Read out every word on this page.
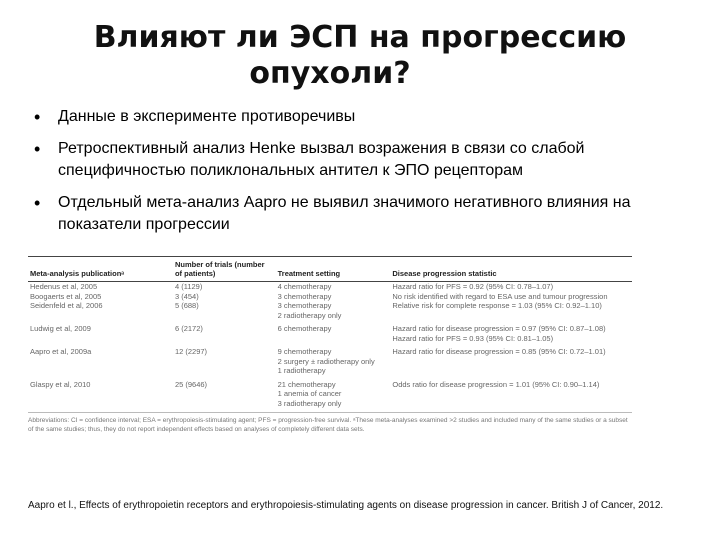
Влияют ли ЭСП на прогрессию
опухоли?
• Данные в эксперименте противоречивы
• Ретроспективный анализ Henke вызвал возражения в связи со слабой специфичностью поликлональных антител к ЭПО рецепторам
• Отдельный мета-анализ Aapro не выявил значимого негативного влияния на показатели прогрессии
Meta-analysis publicationᵃ	Number of trials (number of patients)	Treatment setting	Disease progression statistic
Hedenus et al, 2005	4 (1129)	4 chemotherapy	Hazard ratio for PFS = 0.92 (95% CI: 0.78–1.07)
Boogaerts et al, 2005	3 (454)	3 chemotherapy	No risk identified with regard to ESA use and tumour progression
Seidenfeld et al, 2006	5 (688)	3 chemotherapy	Relative risk for complete response = 1.03 (95% CI: 0.92–1.10)
		2 radiotherapy only	
Ludwig et al, 2009	6 (2172)	6 chemotherapy	Hazard ratio for disease progression = 0.97 (95% CI: 0.87–1.08)
			Hazard ratio for PFS = 0.93 (95% CI: 0.81–1.05)
Aapro et al, 2009a	12 (2297)	9 chemotherapy	Hazard ratio for disease progression = 0.85 (95% CI: 0.72–1.01)
		2 surgery ± radiotherapy only	
		1 radiotherapy	
Glaspy et al, 2010	25 (9646)	21 chemotherapy	Odds ratio for disease progression = 1.01 (95% CI: 0.90–1.14)
		1 anemia of cancer	
		3 radiotherapy only	
Abbreviations: CI = confidence interval; ESA = erythropoiesis-stimulating agent; PFS = progression-free survival. ᵃThese meta-analyses examined >2 studies and included many of the same studies or a subset of the same studies; thus, they do not report independent effects based on analyses of completely different data sets.
Aapro et l., Effects of erythropoietin receptors and erythropoiesis-stimulating agents on disease progression in cancer. British J of Cancer, 2012.
